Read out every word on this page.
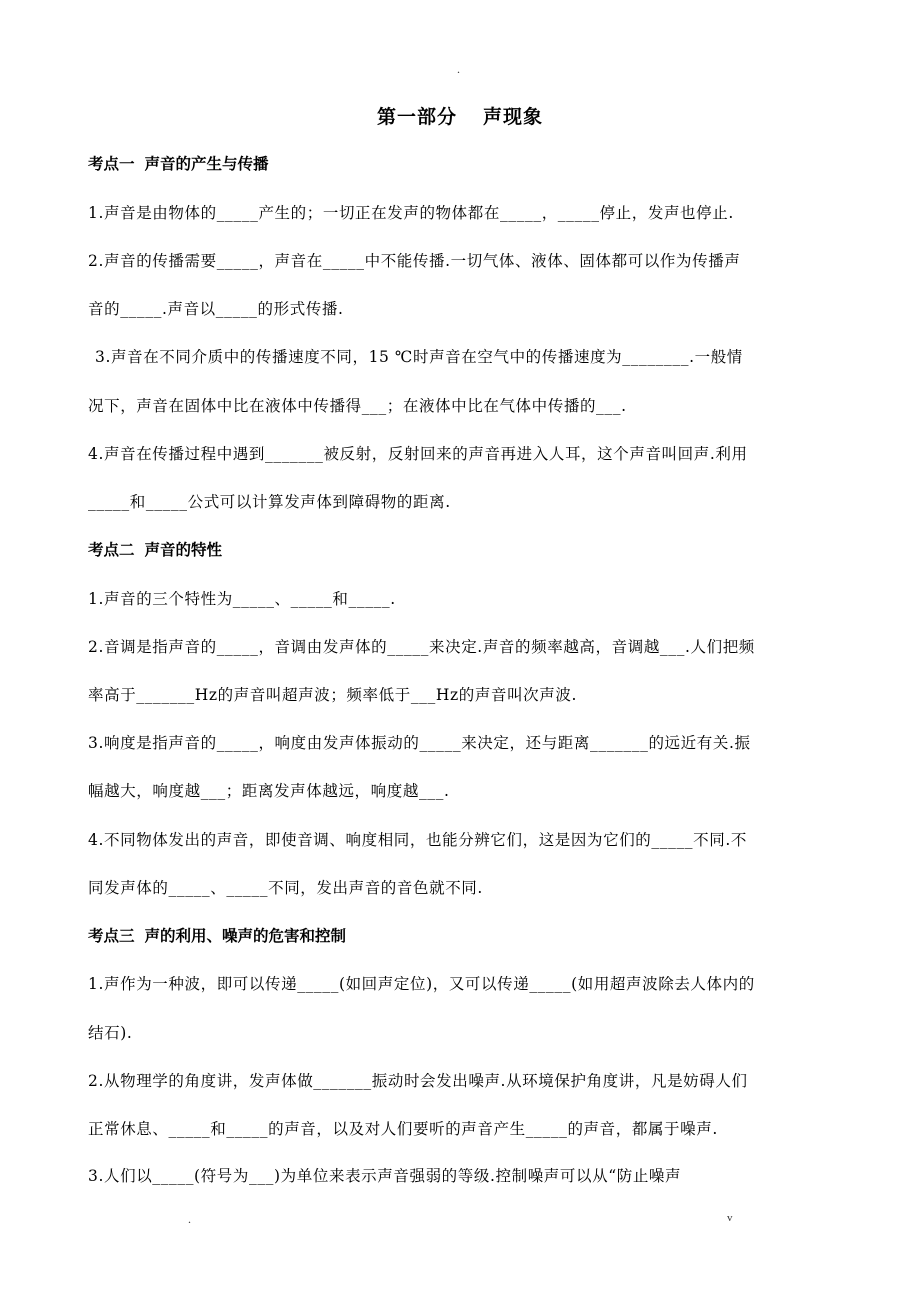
.
第一部分 声现象
考点一 声音的产生与传播
1.声音是由物体的_____产生的；一切正在发声的物体都在_____，_____停止，发声也停止.
2.声音的传播需要_____，声音在_____中不能传播.一切气体、液体、固体都可以作为传播声
音的_____.声音以_____的形式传播.
3.声音在不同介质中的传播速度不同，15 ℃时声音在空气中的传播速度为________.一般情
况下，声音在固体中比在液体中传播得___；在液体中比在气体中传播的___.
4.声音在传播过程中遇到_______被反射，反射回来的声音再进入人耳，这个声音叫回声.利用
_____和_____公式可以计算发声体到障碍物的距离.
考点二 声音的特性
1.声音的三个特性为_____、_____和_____.
2.音调是指声音的_____，音调由发声体的_____来决定.声音的频率越高，音调越___.人们把频
率高于_______Hz的声音叫超声波；频率低于___Hz的声音叫次声波.
3.响度是指声音的_____，响度由发声体振动的_____来决定，还与距离_______的远近有关.振
幅越大，响度越___；距离发声体越远，响度越___.
4.不同物体发出的声音，即使音调、响度相同，也能分辨它们，这是因为它们的_____不同.不
同发声体的_____、_____不同，发出声音的音色就不同.
考点三 声的利用、噪声的危害和控制
1.声作为一种波，即可以传递_____(如回声定位)，又可以传递_____(如用超声波除去人体内的
结石).
2.从物理学的角度讲，发声体做_______振动时会发出噪声.从环境保护角度讲，凡是妨碍人们
正常休息、_____和_____的声音，以及对人们要听的声音产生_____的声音，都属于噪声.
3.人们以_____(符号为___)为单位来表示声音强弱的等级.控制噪声可以从“防止噪声
.	v
